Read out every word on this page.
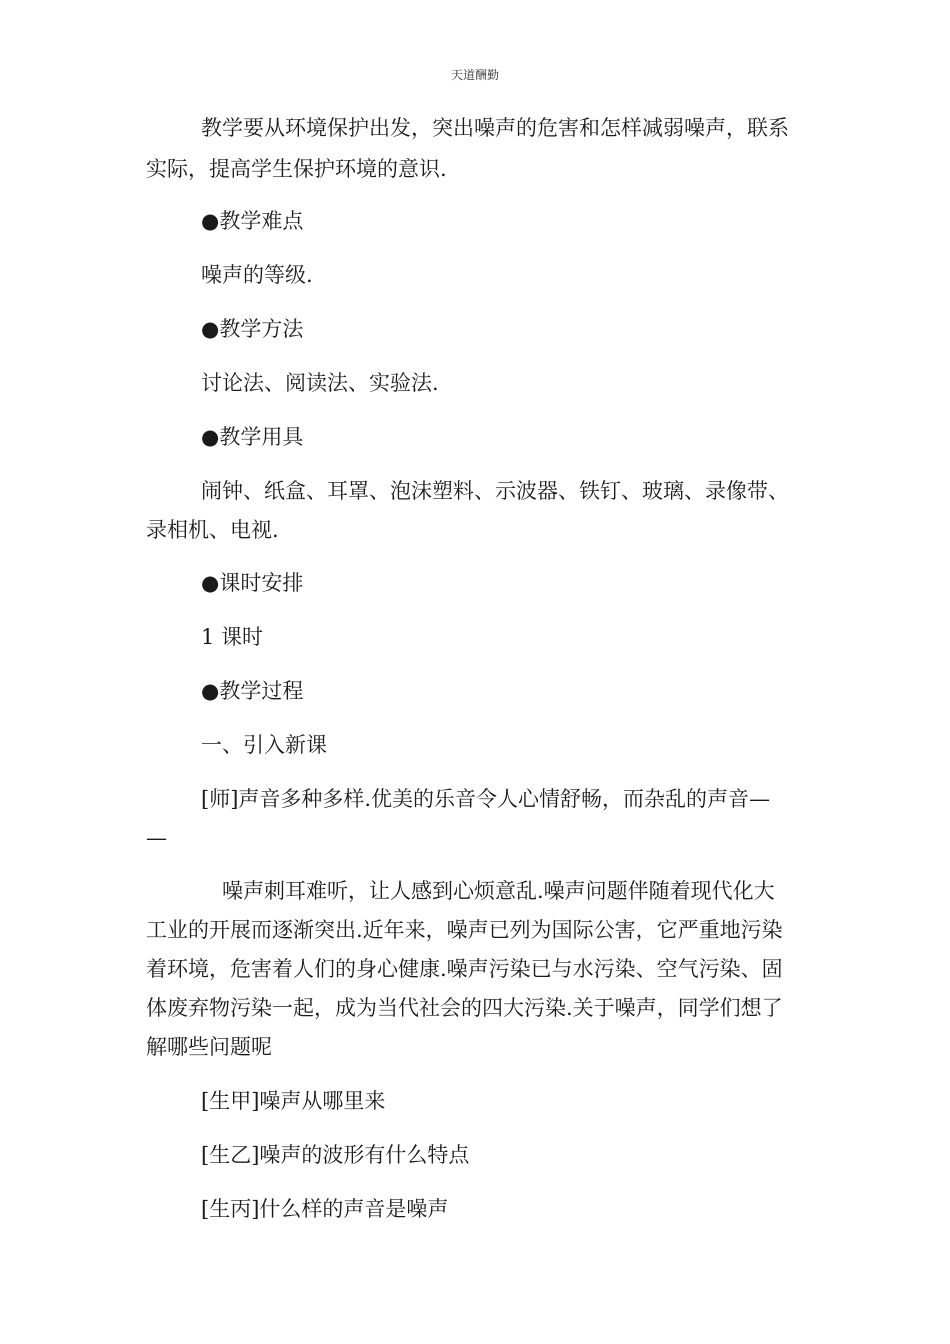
天道酬勤
教学要从环境保护出发，突出噪声的危害和怎样减弱噪声，联系
实际，提高学生保护环境的意识.
●教学难点
噪声的等级.
●教学方法
讨论法、阅读法、实验法.
●教学用具
闹钟、纸盒、耳罩、泡沫塑料、示波器、铁钉、玻璃、录像带、
录相机、电视.
●课时安排
1 课时
●教学过程
一、引入新课
[师]声音多种多样.优美的乐音令人心情舒畅，而杂乱的声音—
—
噪声刺耳难听，让人感到心烦意乱.噪声问题伴随着现代化大
工业的开展而逐渐突出.近年来，噪声已列为国际公害，它严重地污染
着环境，危害着人们的身心健康.噪声污染已与水污染、空气污染、固
体废弃物污染一起，成为当代社会的四大污染.关于噪声，同学们想了
解哪些问题呢
[生甲]噪声从哪里来
[生乙]噪声的波形有什么特点
[生丙]什么样的声音是噪声
